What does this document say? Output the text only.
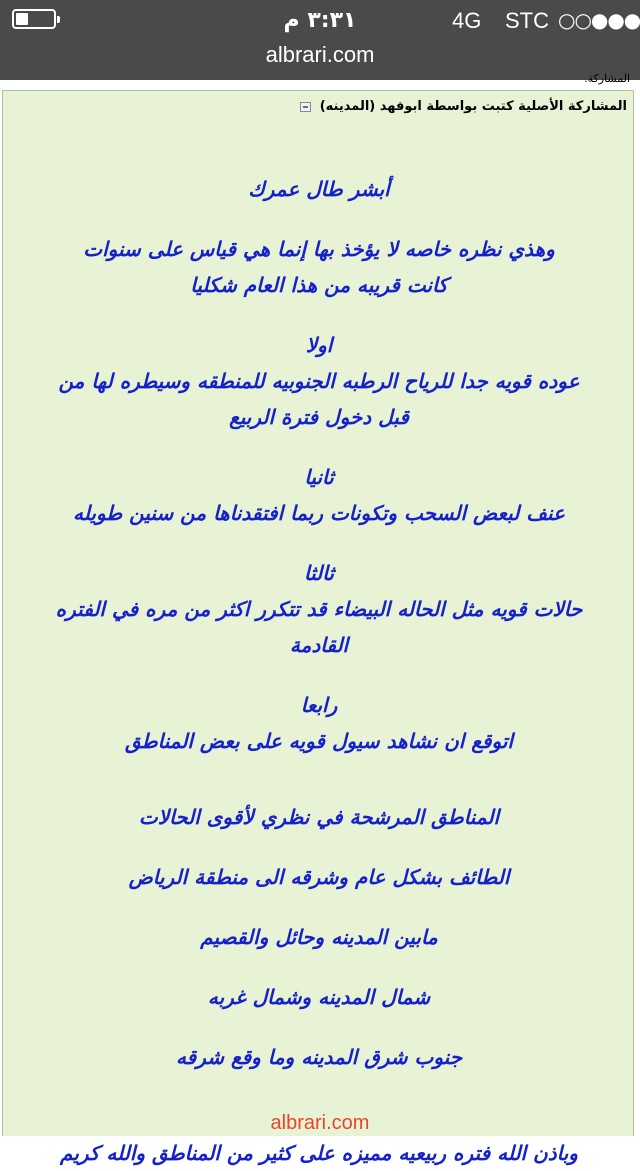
٣:٣١ م	4G STC ○○●●●
albrari.com
المشاركة.
المشاركة الأصلية كتبت بواسطة ابوفهد (المدينه)

أبشر طال عمرك

وهذي نظره خاصه لا يؤخذ بها إنما هي قياس على سنوات

كانت قريبه من هذا العام شكليا

اولا

عوده قويه جدا للرياح الرطبه الجنوبيه للمنطقه وسيطره لها من

قبل دخول فترة الربيع

ثانيا

عنف لبعض السحب وتكونات ربما افتقدناها من سنين طويله

ثالثا

حالات قويه مثل الحاله البيضاء قد تتكرر اكثر من مره في الفتره

القادمة

رابعا

اتوقع ان نشاهد سيول قويه على بعض المناطق

المناطق المرشحة في نظري لأقوى الحالات

الطائف بشكل عام وشرقه الى منطقة الرياض

مابين المدينه وحائل والقصيم

شمال المدينه وشمال غربه

جنوب شرق المدينه وما وقع شرقه

وباذن الله فتره ربيعيه مميزه على كثير من المناطق والله كريم

albrari.com
